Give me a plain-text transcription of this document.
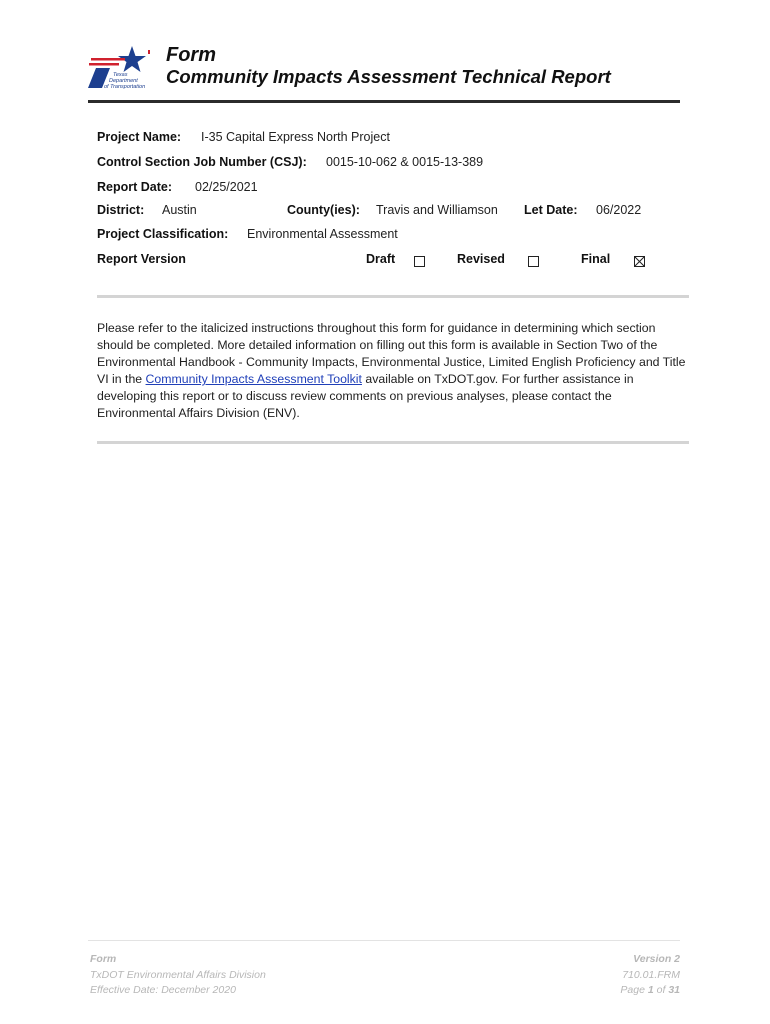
Texas
Department
of Transportation
Form
Community Impacts Assessment Technical Report
Project Name: I-35 Capital Express North Project
Control Section Job Number (CSJ): 0015-10-062 & 0015-13-389
Report Date: 02/25/2021
District: Austin	County(ies): Travis and Williamson Let Date: 06/2022
Project Classification: Environmental Assessment
Report Version	Draft	Revised	Final
Please refer to the italicized instructions throughout this form for guidance in determining which section should be completed. More detailed information on filling out this form is available in Section Two of the Environmental Handbook - Community Impacts, Environmental Justice, Limited English Proficiency and Title VI in the Community Impacts Assessment Toolkit available on TxDOT.gov. For further assistance in developing this report or to discuss review comments on previous analyses, please contact the Environmental Affairs Division (ENV).
Form
TxDOT Environmental Affairs Division
Effective Date: December 2020
Version 2
710.01.FRM
Page 1 of 31
